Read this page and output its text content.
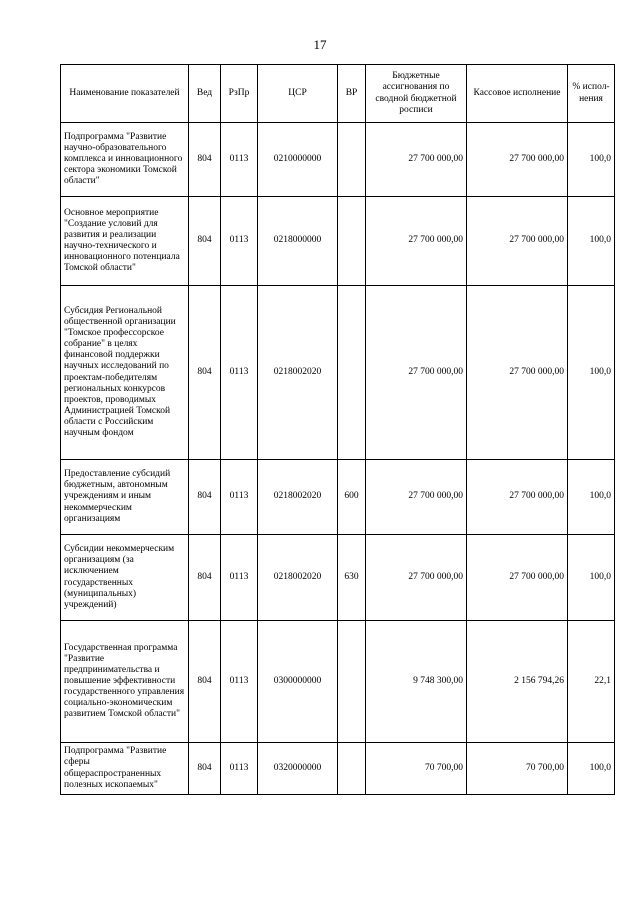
17
Наименование показателей	Вед	РзПр	ЦСР	ВР	Бюджетные ассигнования по сводной бюджетной росписи	Кассовое исполнение	% испол-нения
Подпрограмма "Развитие научно-образовательного комплекса и инновационного сектора экономики Томской области"	804	0113	0210000000		27 700 000,00	27 700 000,00	100,0
Основное мероприятие "Создание условий для развития и реализации научно-технического и инновационного потенциала Томской области"	804	0113	0218000000		27 700 000,00	27 700 000,00	100,0
Субсидия Региональной общественной организации "Томское профессорское собрание" в целях финансовой поддержки научных исследований по проектам-победителям региональных конкурсов проектов, проводимых Администрацией Томской области с Российским научным фондом	804	0113	0218002020		27 700 000,00	27 700 000,00	100,0
Предоставление субсидий бюджетным, автономным учреждениям и иным некоммерческим организациям	804	0113	0218002020	600	27 700 000,00	27 700 000,00	100,0
Субсидии некоммерческим организациям (за исключением государственных (муниципальных) учреждений)	804	0113	0218002020	630	27 700 000,00	27 700 000,00	100,0
Государственная программа "Развитие предпринимательства и повышение эффективности государственного управления социально-экономическим развитием Томской области"	804	0113	0300000000		9 748 300,00	2 156 794,26	22,1
Подпрограмма "Развитие сферы общераспространенных полезных ископаемых"	804	0113	0320000000		70 700,00	70 700,00	100,0
